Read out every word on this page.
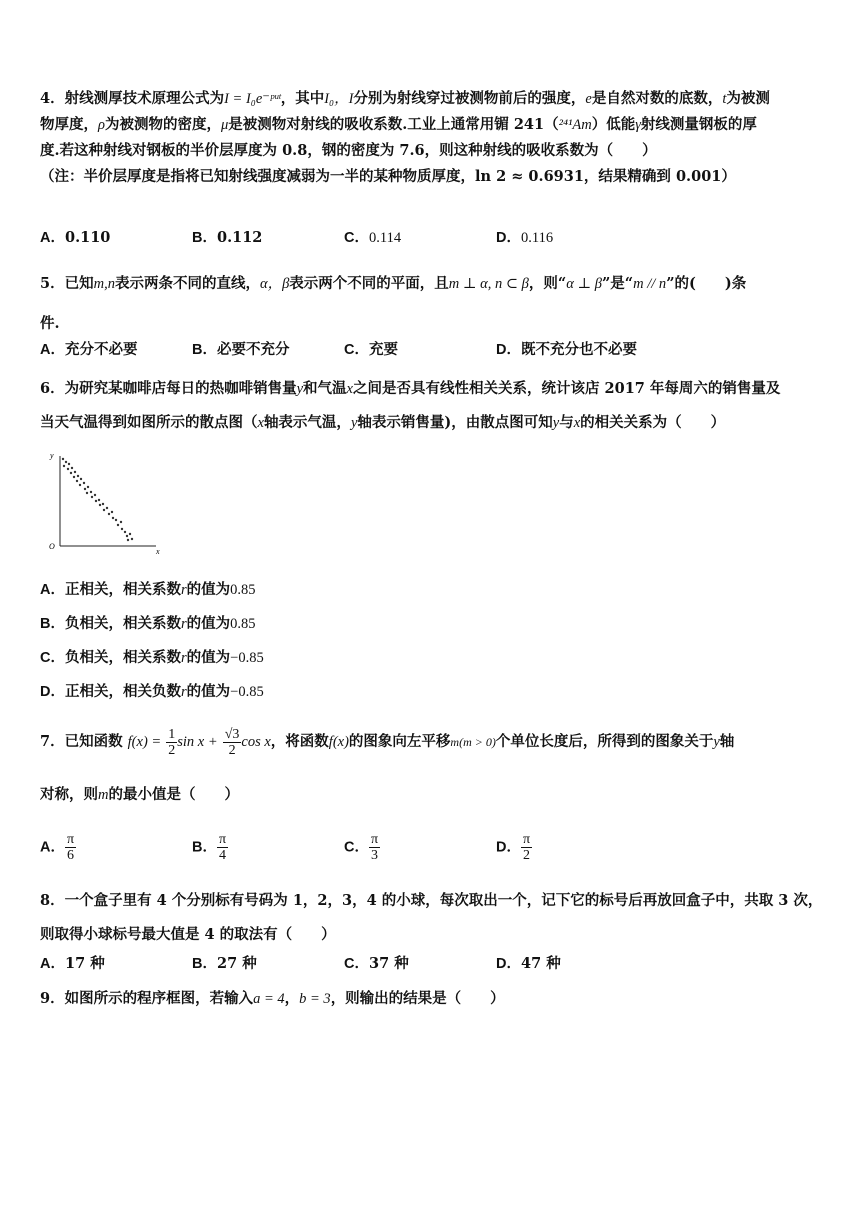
4．射线测厚技术原理公式为I = I₀e⁻ᵖᵘᵗ，其中I₀，I分别为射线穿过被测物前后的强度，e是自然对数的底数，t为被测
物厚度，ρ为被测物的密度，μ是被测物对射线的吸收系数.工业上通常用镅 241（²⁴¹Am）低能γ射线测量钢板的厚
度.若这种射线对钢板的半价层厚度为 0.8，钢的密度为 7.6，则这种射线的吸收系数为（　　）
（注：半价层厚度是指将已知射线强度减弱为一半的某种物质厚度，ln 2 ≈ 0.6931，结果精确到 0.001）
A．0.110	B．0.112	C．0.114	D．0.116
5．已知m,n表示两条不同的直线，α，β表示两个不同的平面，且m ⊥ α, n ⊂ β，则“α ⊥ β”是“m // n”的(　　)条
件.
A．充分不必要	B．必要不充分	C．充要	D．既不充分也不必要
6．为研究某咖啡店每日的热咖啡销售量y和气温x之间是否具有线性相关关系，统计该店 2017 年每周六的销售量及
当天气温得到如图所示的散点图（x轴表示气温，y轴表示销售量)，由散点图可知y与x的相关关系为（　　）
y
x
O
A．正相关，相关系数r的值为0.85
B．负相关，相关系数r的值为0.85
C．负相关，相关系数r的值为−0.85
D．正相关，相关负数r的值为−0.85
7．已知函数 $f(x) = \frac{1}{2}$ $\sin x + \frac{√3}{2}$ cos x，将函数f(x)的图象向左平移m(m > 0)个单位长度后，所得到的图象关于y轴
对称，则m的最小值是（　　）
A． $\frac{\pi}{6}$	B． $\frac{\pi}{4}$	C． $\frac{\pi}{3}$	D． $\frac{\pi}{2}$
8．一个盒子里有 4 个分别标有号码为 1，2，3，4 的小球，每次取出一个，记下它的标号后再放回盒子中，共取 3 次，
则取得小球标号最大值是 4 的取法有（　　）
A．17 种	B．27 种	C．37 种	D．47 种
9．如图所示的程序框图，若输入a = 4，b = 3，则输出的结果是（　　）
